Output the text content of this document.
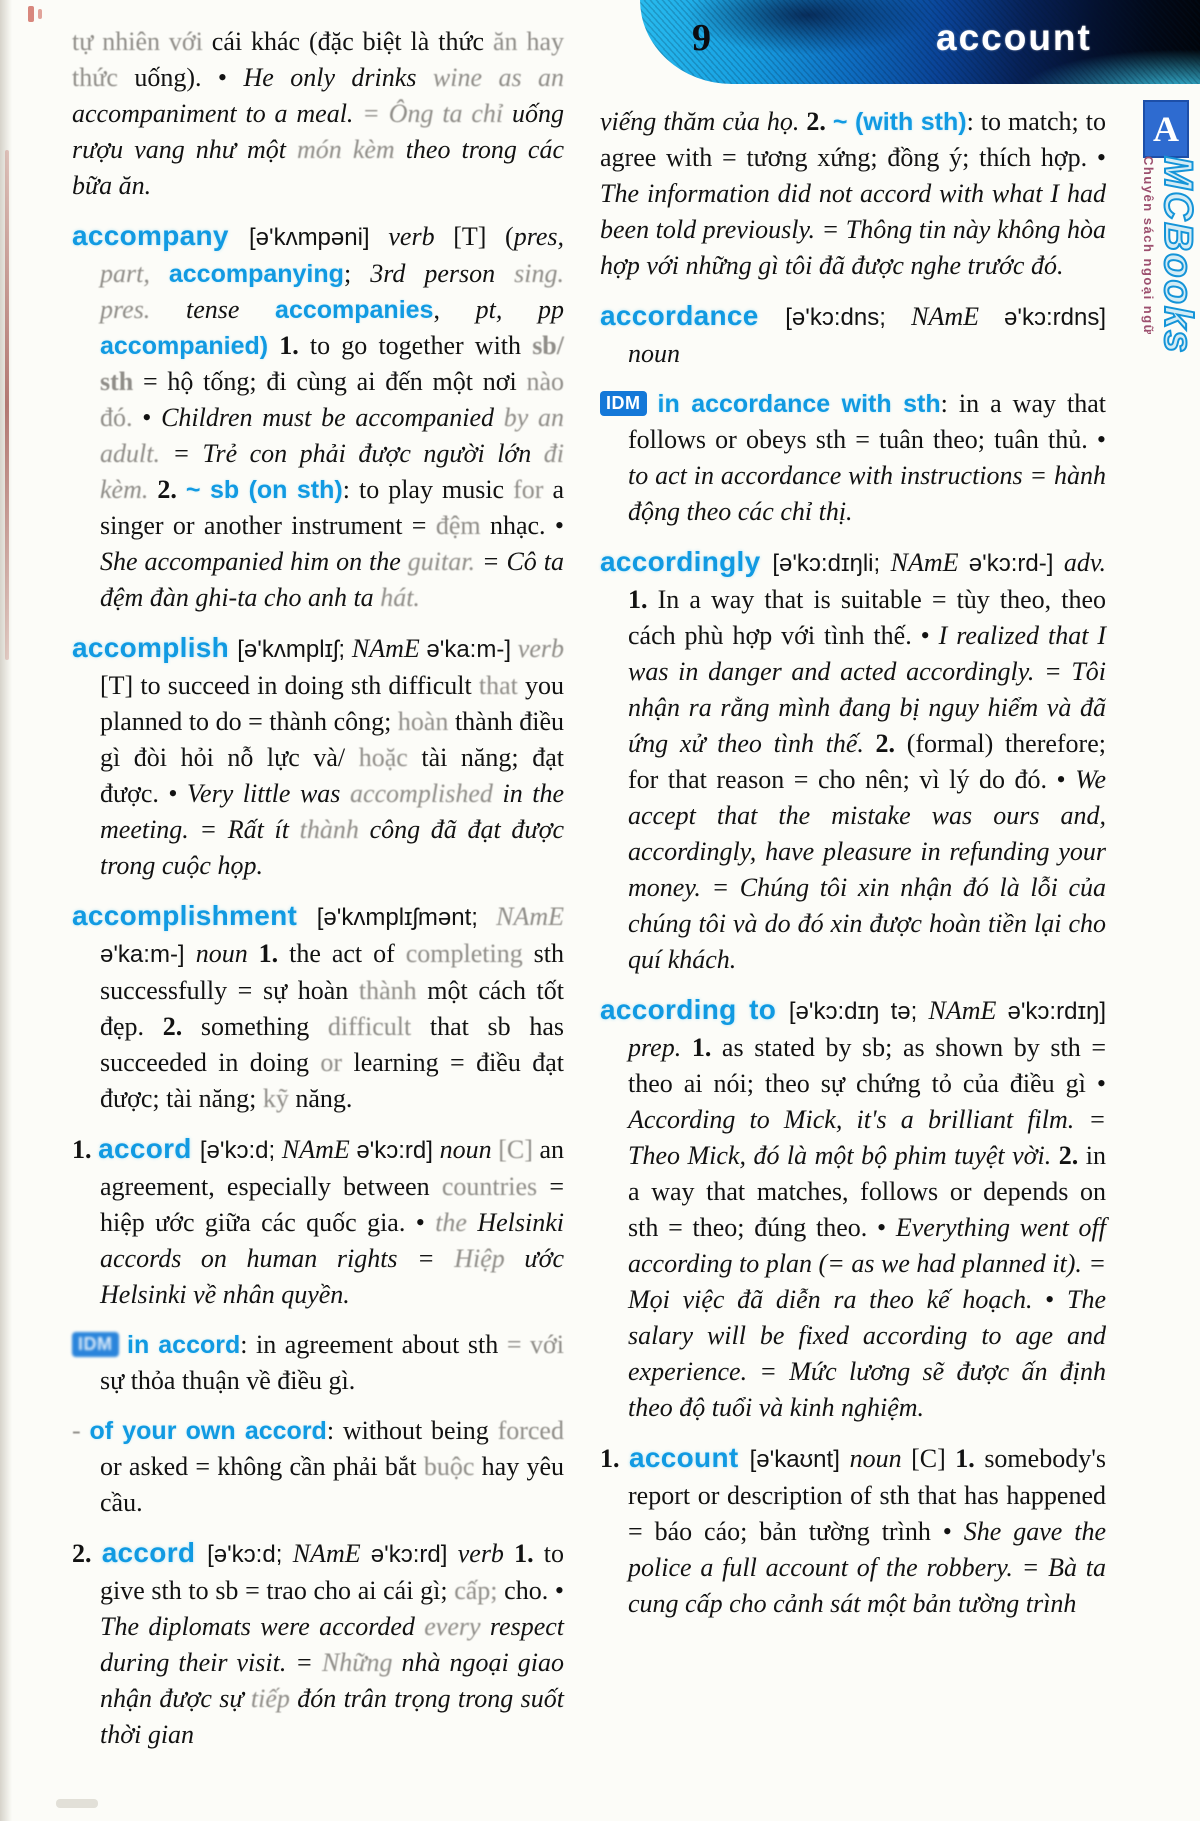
9	account
A
MCBooks
Chuyên sách ngoại ngữ

tự nhiên với cái khác (đặc biệt là thức ăn hay thức uống). • He only drinks wine as an accompaniment to a meal. = Ông ta chỉ uống rượu vang như một món kèm theo trong các bữa ăn.

accompany [ə'kʌmpəni] verb [T] (pres, part, accompanying; 3rd person sing. pres. tense accompanies, pt, pp accompanied) 1. to go together with sb/ sth = hộ tống; đi cùng ai đến một nơi nào đó. • Children must be accompanied by an adult. = Trẻ con phải được người lớn đi kèm. 2. ~ sb (on sth): to play music for a singer or another instrument = đệm nhạc. • She accompanied him on the guitar. = Cô ta đệm đàn ghi-ta cho anh ta hát.

accomplish [ə'kʌmplɪʃ; NAmE ə'ka:m-] verb [T] to succeed in doing sth difficult that you planned to do = thành công; hoàn thành điều gì đòi hỏi nỗ lực và/ hoặc tài năng; đạt được. • Very little was accomplished in the meeting. = Rất ít thành công đã đạt được trong cuộc họp.

accomplishment [ə'kʌmplɪʃmənt; NAmE ə'ka:m-] noun 1. the act of completing sth successfully = sự hoàn thành một cách tốt đẹp. 2. something difficult that sb has succeeded in doing or learning = điều đạt được; tài năng; kỹ năng.

1. accord [ə'kɔ:d; NAmE ə'kɔ:rd] noun [C] an agreement, especially between countries = hiệp ước giữa các quốc gia. • the Helsinki accords on human rights = Hiệp ước Helsinki về nhân quyền.

IDM in accord: in agreement about sth = với sự thỏa thuận về điều gì.

- of your own accord: without being forced or asked = không cần phải bắt buộc hay yêu cầu.

2. accord [ə'kɔ:d; NAmE ə'kɔ:rd] verb 1. to give sth to sb = trao cho ai cái gì; cấp; cho. • The diplomats were accorded every respect during their visit. = Những nhà ngoại giao nhận được sự tiếp đón trân trọng trong suốt thời gian

viếng thăm của họ. 2. ~ (with sth): to match; to agree with = tương xứng; đồng ý; thích hợp. • The information did not accord with what I had been told previously. = Thông tin này không hòa hợp với những gì tôi đã được nghe trước đó.

accordance [ə'kɔ:dns; NAmE ə'kɔ:rdns] noun

IDM in accordance with sth: in a way that follows or obeys sth = tuân theo; tuân thủ. • to act in accordance with instructions = hành động theo các chỉ thị.

accordingly [ə'kɔ:dɪŋli; NAmE ə'kɔ:rd-] adv. 1. In a way that is suitable = tùy theo, theo cách phù hợp với tình thế. • I realized that I was in danger and acted accordingly. = Tôi nhận ra rằng mình đang bị nguy hiểm và đã ứng xử theo tình thế. 2. (formal) therefore; for that reason = cho nên; vì lý do đó. • We accept that the mistake was ours and, accordingly, have pleasure in refunding your money. = Chúng tôi xin nhận đó là lỗi của chúng tôi và do đó xin được hoàn tiền lại cho quí khách.

according to [ə'kɔ:dɪŋ tə; NAmE ə'kɔ:rdɪŋ] prep. 1. as stated by sb; as shown by sth = theo ai nói; theo sự chứng tỏ của điều gì • According to Mick, it's a brilliant film. = Theo Mick, đó là một bộ phim tuyệt vời. 2. in a way that matches, follows or depends on sth = theo; đúng theo. • Everything went off according to plan (= as we had planned it). = Mọi việc đã diễn ra theo kế hoạch. • The salary will be fixed according to age and experience. = Mức lương sẽ được ấn định theo độ tuổi và kinh nghiệm.

1. account [ə'kaʊnt] noun [C] 1. somebody's report or description of sth that has happened = báo cáo; bản tường trình • She gave the police a full account of the robbery. = Bà ta cung cấp cho cảnh sát một bản tường trình
